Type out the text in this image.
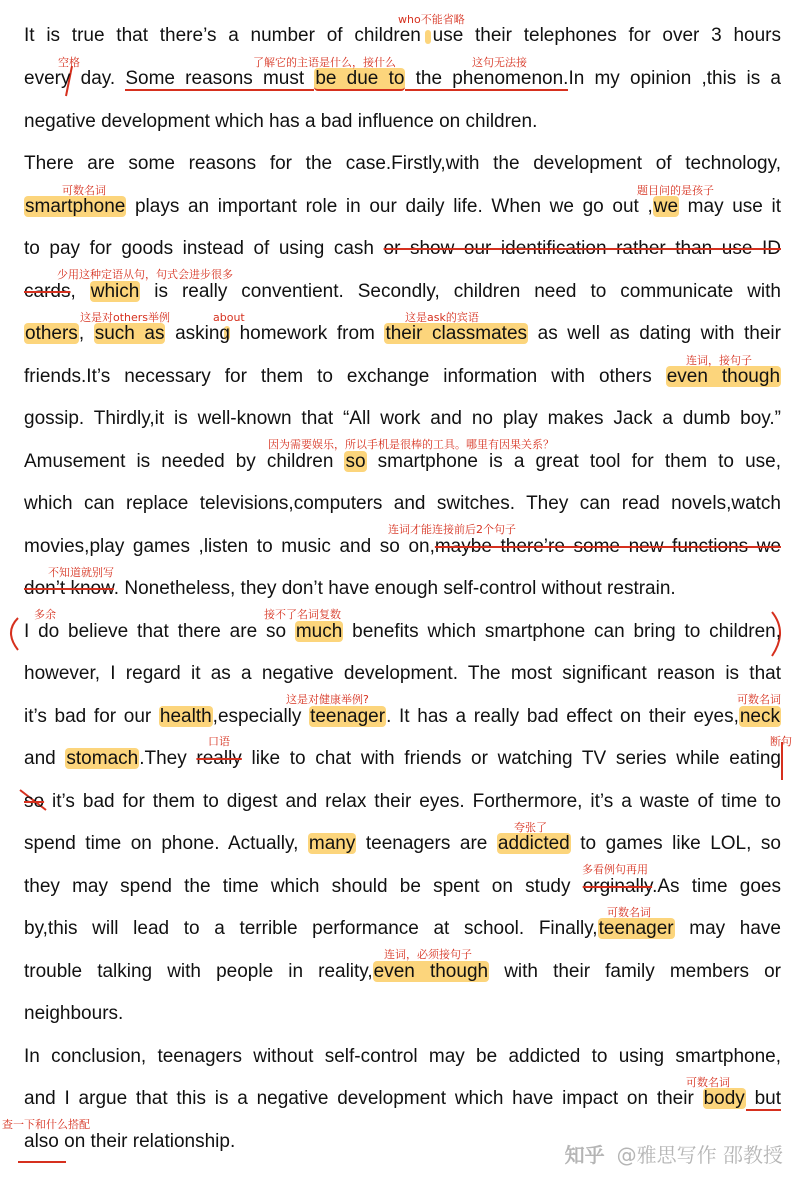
It is true that there’s a number of children use their telephones for over 3 hours
every day. Some reasons must be due to the phenomenon.In my opinion ,this is a
negative development which has a bad influence on children.
There are some reasons for the case.Firstly,with the development of technology,
smartphone plays an important role in our daily life. When we go out ,we may use it
to pay for goods instead of using cash or show our identification rather than use ID
cards, which is really conventient. Secondly, children need to communicate with
others, such as asking homework from their classmates as well as dating with their
friends.It’s necessary for them to exchange information with others even though
gossip. Thirdly,it is well-known that “All work and no play makes Jack a dumb boy.”
Amusement is needed by children so smartphone is a great tool for them to use,
which can replace televisions,computers and switches. They can read novels,watch
movies,play games ,listen to music and so on,maybe there’re some new functions we
don’t know. Nonetheless, they don’t have enough self-control without restrain.
I do believe that there are so much benefits which smartphone can bring to children,
however, I regard it as a negative development. The most significant reason is that
it’s bad for our health,especially teenager. It has a really bad effect on their eyes,neck
and stomach.They really like to chat with friends or watching TV series while eating
so it’s bad for them to digest and relax their eyes. Forthermore, it’s a waste of time to
spend time on phone. Actually, many teenagers are addicted to games like LOL, so
they may spend the time which should be spent on study orginally.As time goes
by,this will lead to a terrible performance at school. Finally,teenager may have
trouble talking with people in reality,even though with their family members or
neighbours.
In conclusion, teenagers without self-control may be addicted to using smartphone,
and I argue that this is a negative development which have impact on their body but
also on their relationship.
who不能省略
空格	了解它的主语是什么，接什么	这句无法接
可数名词	题目问的是孩子
少用这种定语从句，句式会进步很多
这是对others举例	about	这是ask的宾语
连词，接句子
因为需要娱乐，所以手机是很棒的工具。哪里有因果关系？
连词才能连接前后2个句子
不知道就别写
多余	接不了名词复数
这是对健康举例?	可数名词
口语	断句
夸张了
多看例句再用
可数名词
连词，必须接句子
可数名词
查一下和什么搭配
知乎 @雅思写作 邵教授
